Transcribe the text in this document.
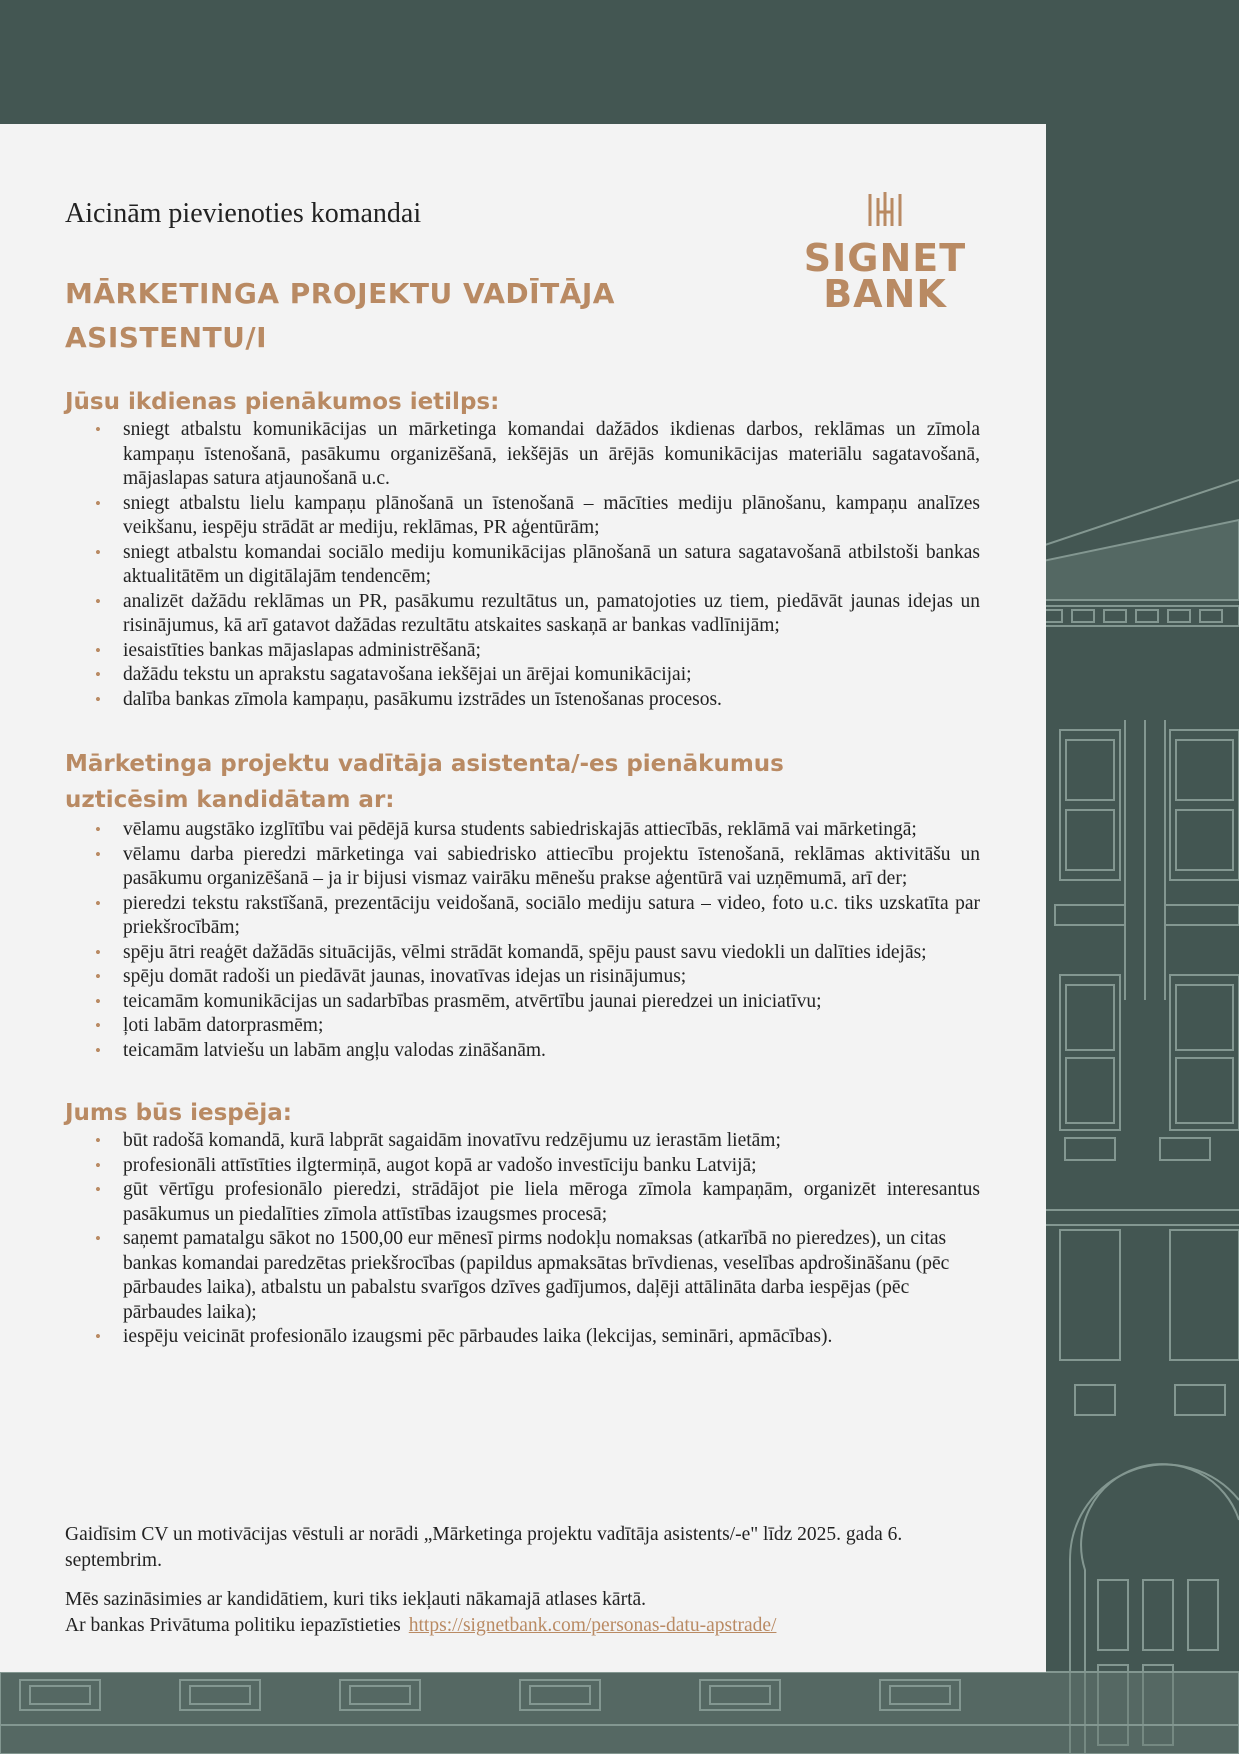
Aicinām pievienoties komandai
MĀRKETINGA PROJEKTU VADĪTĀJA ASISTENTU/I
SIGNET
BANK
Jūsu ikdienas pienākumos ietilps:
• sniegt atbalstu komunikācijas un mārketinga komandai dažādos ikdienas darbos, reklāmas un zīmola kampaņu īstenošanā, pasākumu organizēšanā, iekšējās un ārējās komunikācijas materiālu sagatavošanā, mājaslapas satura atjaunošanā u.c.
• sniegt atbalstu lielu kampaņu plānošanā un īstenošanā – mācīties mediju plānošanu, kampaņu analīzes veikšanu, iespēju strādāt ar mediju, reklāmas, PR aģentūrām;
• sniegt atbalstu komandai sociālo mediju komunikācijas plānošanā un satura sagatavošanā atbilstoši bankas aktualitātēm un digitālajām tendencēm;
• analizēt dažādu reklāmas un PR, pasākumu rezultātus un, pamatojoties uz tiem, piedāvāt jaunas idejas un risinājumus, kā arī gatavot dažādas rezultātu atskaites saskaņā ar bankas vadlīnijām;
• iesaistīties bankas mājaslapas administrēšanā;
• dažādu tekstu un aprakstu sagatavošana iekšējai un ārējai komunikācijai;
• dalība bankas zīmola kampaņu, pasākumu izstrādes un īstenošanas procesos.
Mārketinga projektu vadītāja asistenta/-es pienākumus uzticēsim kandidātam ar:
• vēlamu augstāko izglītību vai pēdējā kursa students sabiedriskajās attiecībās, reklāmā vai mārketingā;
• vēlamu darba pieredzi mārketinga vai sabiedrisko attiecību projektu īstenošanā, reklāmas aktivitāšu un pasākumu organizēšanā – ja ir bijusi vismaz vairāku mēnešu prakse aģentūrā vai uzņēmumā, arī der;
• pieredzi tekstu rakstīšanā, prezentāciju veidošanā, sociālo mediju satura – video, foto u.c. tiks uzskatīta par priekšrocībām;
• spēju ātri reaģēt dažādās situācijās, vēlmi strādāt komandā, spēju paust savu viedokli un dalīties idejās;
• spēju domāt radoši un piedāvāt jaunas, inovatīvas idejas un risinājumus;
• teicamām komunikācijas un sadarbības prasmēm, atvērtību jaunai pieredzei un iniciatīvu;
• ļoti labām datorprasmēm;
• teicamām latviešu un labām angļu valodas zināšanām.
Jums būs iespēja:
• būt radošā komandā, kurā labprāt sagaidām inovatīvu redzējumu uz ierastām lietām;
• profesionāli attīstīties ilgtermiņā, augot kopā ar vadošo investīciju banku Latvijā;
• gūt vērtīgu profesionālo pieredzi, strādājot pie liela mēroga zīmola kampaņām, organizēt interesantus pasākumus un piedalīties zīmola attīstības izaugsmes procesā;
• saņemt pamatalgu sākot no 1500,00 eur mēnesī pirms nodokļu nomaksas (atkarībā no pieredzes), un citas bankas komandai paredzētas priekšrocības (papildus apmaksātas brīvdienas, veselības apdrošināšanu (pēc pārbaudes laika), atbalstu un pabalstu svarīgos dzīves gadījumos, daļēji attālināta darba iespējas (pēc pārbaudes laika);
• iespēju veicināt profesionālo izaugsmi pēc pārbaudes laika (lekcijas, semināri, apmācības).

Gaidīsim CV un motivācijas vēstuli ar norādi „Mārketinga projektu vadītāja asistents/-e" līdz 2025. gada 6. septembrim.

Mēs sazināsimies ar kandidātiem, kuri tiks iekļauti nākamajā atlases kārtā.
Ar bankas Privātuma politiku iepazīstieties https://signetbank.com/personas-datu-apstrade/
